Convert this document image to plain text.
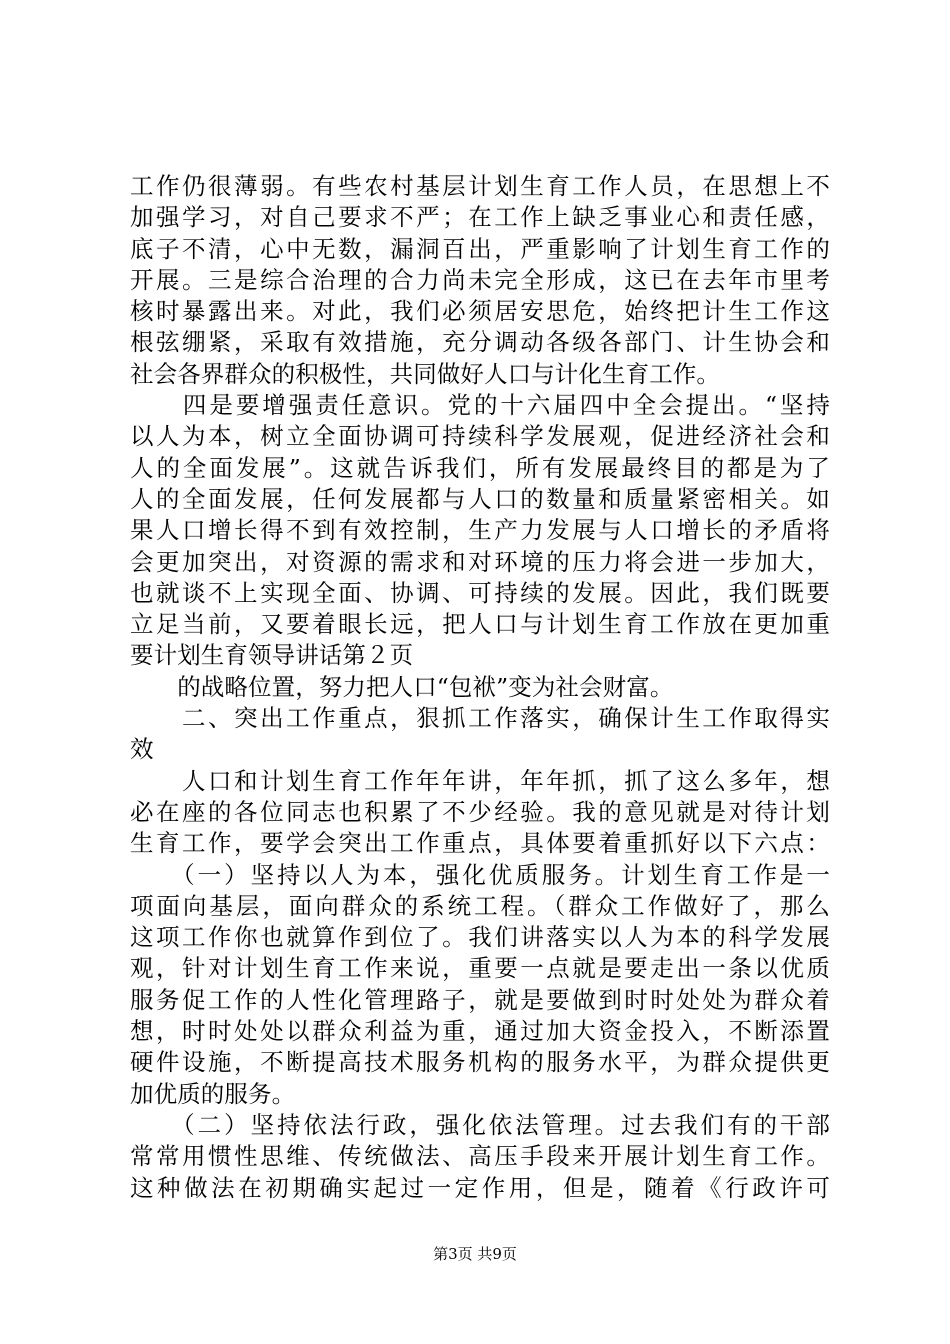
工作仍很薄弱。有些农村基层计划生育工作人员，在思想上不
加强学习，对自己要求不严；在工作上缺乏事业心和责任感，
底子不清，心中无数，漏洞百出，严重影响了计划生育工作的
开展。三是综合治理的合力尚未完全形成，这已在去年市里考
核时暴露出来。对此，我们必须居安思危，始终把计生工作这
根弦绷紧，采取有效措施，充分调动各级各部门、计生协会和
社会各界群众的积极性，共同做好人口与计化生育工作。
　　四是要增强责任意识。党的十六届四中全会提出。“坚持
以人为本，树立全面协调可持续科学发展观，促进经济社会和
人的全面发展”。这就告诉我们，所有发展最终目的都是为了
人的全面发展，任何发展都与人口的数量和质量紧密相关。如
果人口增长得不到有效控制，生产力发展与人口增长的矛盾将
会更加突出，对资源的需求和对环境的压力将会进一步加大，
也就谈不上实现全面、协调、可持续的发展。因此，我们既要
立足当前，又要着眼长远，把人口与计划生育工作放在更加重
要计划生育领导讲话第２页
　　的战略位置，努力把人口“包袱”变为社会财富。
　　二、突出工作重点，狠抓工作落实，确保计生工作取得实
效
　　人口和计划生育工作年年讲，年年抓，抓了这么多年，想
必在座的各位同志也积累了不少经验。我的意见就是对待计划
生育工作，要学会突出工作重点，具体要着重抓好以下六点：
　　（一）坚持以人为本，强化优质服务。计划生育工作是一
项面向基层，面向群众的系统工程。（群众工作做好了，那么
这项工作你也就算作到位了。我们讲落实以人为本的科学发展
观，针对计划生育工作来说，重要一点就是要走出一条以优质
服务促工作的人性化管理路子，就是要做到时时处处为群众着
想，时时处处以群众利益为重，通过加大资金投入，不断添置
硬件设施，不断提高技术服务机构的服务水平，为群众提供更
加优质的服务。
　　（二）坚持依法行政，强化依法管理。过去我们有的干部
常常用惯性思维、传统做法、高压手段来开展计划生育工作。
这种做法在初期确实起过一定作用，但是，随着《行政许可
第3页 共9页
